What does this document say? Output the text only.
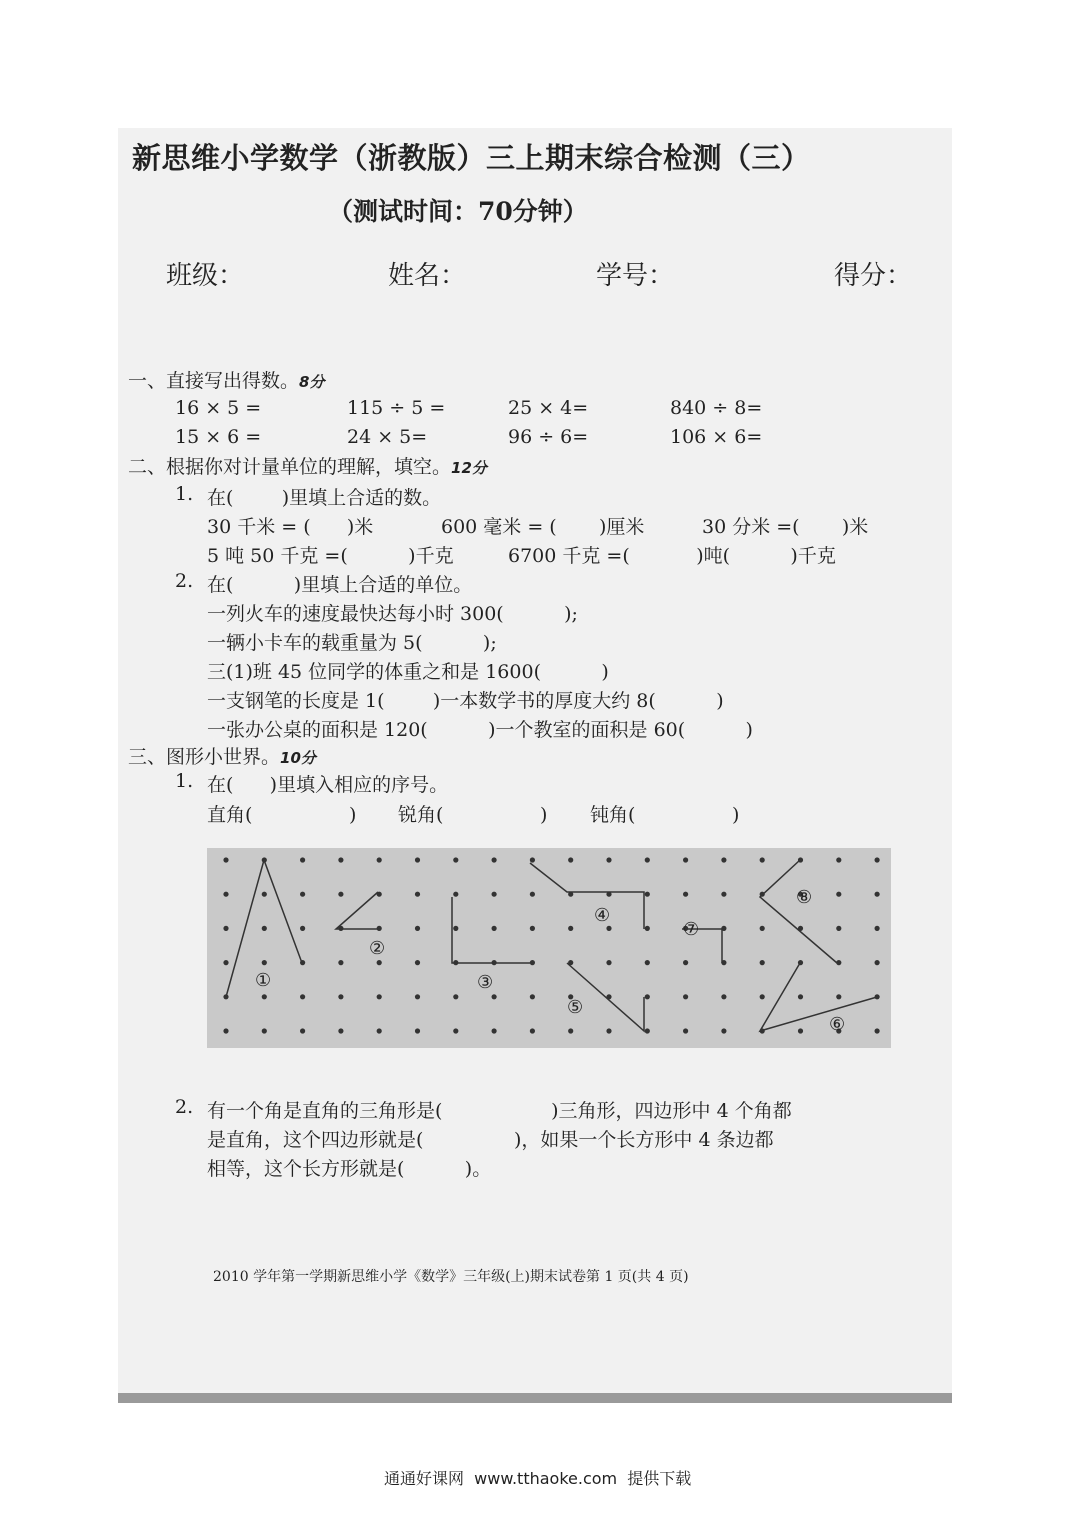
新思维小学数学（浙教版）三上期末综合检测（三）
（测试时间：70分钟）
班级：	姓名：	学号：	得分：
一、直接写出得数。8分
16 × 5 =	115 ÷ 5 =	25 × 4=	840 ÷ 8=
15 × 6 =	24 × 5=	96 ÷ 6=	106 × 6=
二、根据你对计量单位的理解，填空。12分
1. 在(        )里填上合适的数。
30 千米 = (      )米	600 毫米 = (       )厘米	30 分米 =(       )米
5 吨 50 千克 =(          )千克	6700 千克 =(           )吨(          )千克
2. 在(          )里填上合适的单位。
一列火车的速度最快达每小时 300(          );
一辆小卡车的载重量为 5(          );
三(1)班 45 位同学的体重之和是 1600(          )
一支钢笔的长度是 1(        )一本数学书的厚度大约 8(          )
一张办公桌的面积是 120(          )一个教室的面积是 60(          )
三、图形小世界。10分
1. 在(      )里填入相应的序号。
直角(                ) 锐角(                ) 钝角(                )
①
②
③
④
⑤
⑥
⑦
⑧
2. 有一个角是直角的三角形是(                  )三角形，四边形中 4 个角都
是直角，这个四边形就是(               )，如果一个长方形中 4 条边都
相等，这个长方形就是(          )。
2010 学年第一学期新思维小学《数学》三年级(上)期末试卷第 1 页(共 4 页)
通通好课网  www.tthaoke.com  提供下载
